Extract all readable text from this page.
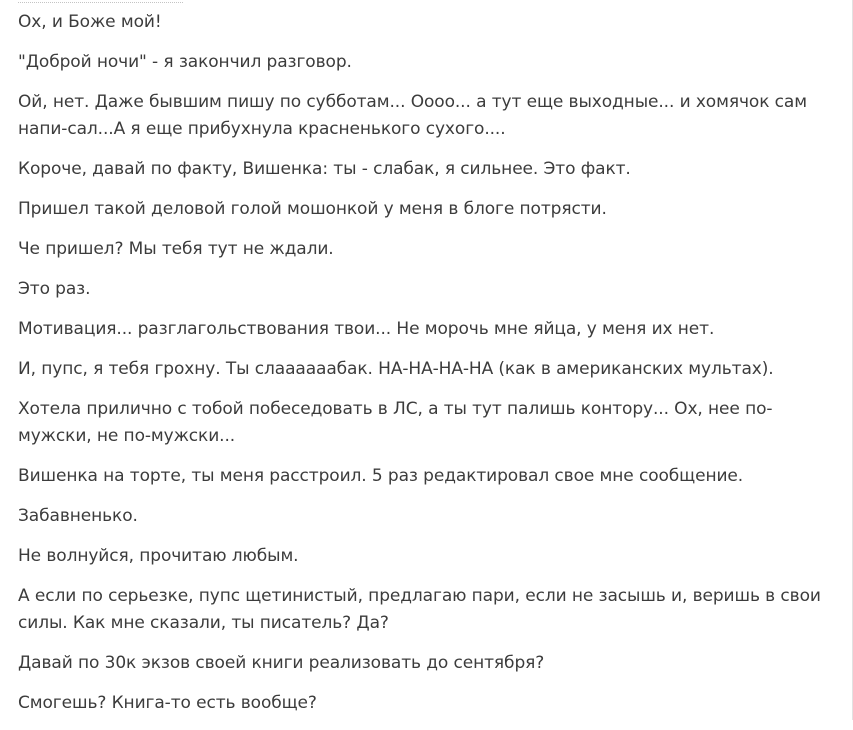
Ох, и Боже мой!

"Доброй ночи" - я закончил разговор.

Ой, нет. Даже бывшим пишу по субботам... Оооо... а тут еще выходные... и хомячок сам напи-сал...А я еще прибухнула красненького сухого....

Короче, давай по факту, Вишенка: ты - слабак, я сильнее. Это факт.

Пришел такой деловой голой мошонкой у меня в блоге потрясти.

Че пришел? Мы тебя тут не ждали.

Это раз.

Мотивация... разглагольствования твои... Не морочь мне яйца, у меня их нет.

И, пупс, я тебя грохну. Ты слаааааабак. НА-НА-НА-НА (как в американских мультах).

Хотела прилично с тобой побеседовать в ЛС, а ты тут палишь контору... Ох, нее по-мужски, не по-мужски...

Вишенка на торте, ты меня расстроил. 5 раз редактировал свое мне сообщение.

Забавненько.

Не волнуйся, прочитаю любым.

А если по серьезке, пупс щетинистый, предлагаю пари, если не засышь и, веришь в свои силы. Как мне сказали, ты писатель? Да?

Давай по 30к экзов своей книги реализовать до сентября?

Смогешь? Книга-то есть вообще?
